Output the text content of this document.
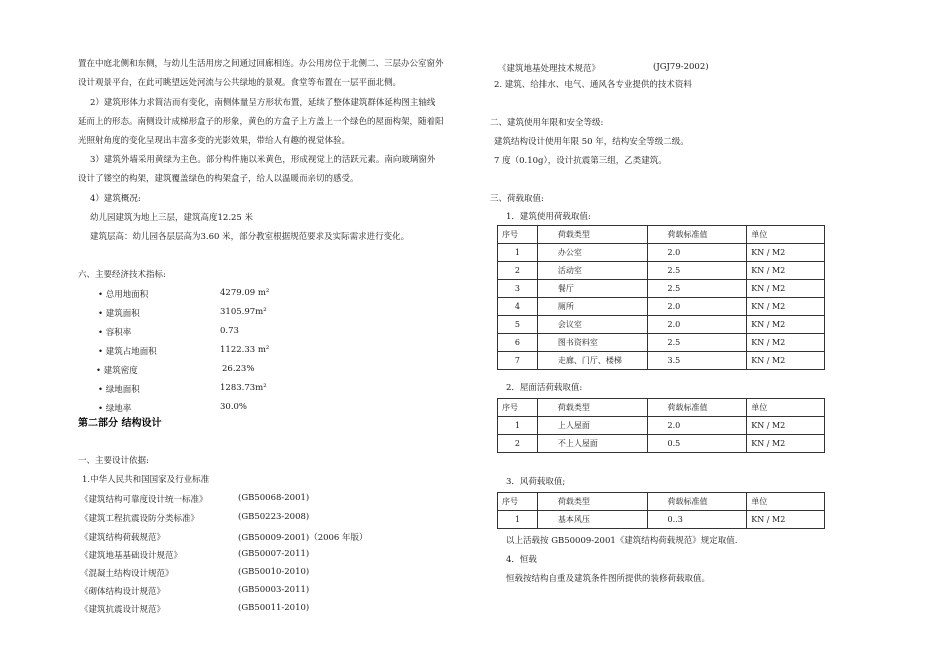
置在中庭北侧和东侧，与幼儿生活用房之间通过回廊相连。办公用房位于北侧二、三层办公室窗外
设计观景平台，在此可眺望远处河流与公共绿地的景观。食堂等布置在一层平面北侧。
2）建筑形体力求简洁而有变化，南侧体量呈方形状布置，延续了整体建筑群体延构图主轴线
延而上的形态。南侧设计成梯形盒子的形象，黄色的方盒子上方盖上一个绿色的屋面构架，随着阳
光照射角度的变化呈现出丰富多变的光影效果，带给人有趣的视觉体验。
3）建筑外墙采用黄绿为主色。部分构件施以米黄色，形成视觉上的活跃元素。南向玻璃窗外
设计了镂空的构架，建筑覆盖绿色的构架盒子，给人以温暖而亲切的感受。
4）建筑概况:
幼儿园建筑为地上三层，建筑高度12.25 米
建筑层高：幼儿园各层层高为3.60 米，部分教室根据规范要求及实际需求进行变化。
六、主要经济技术指标:
• 总用地面积	4279.09 m²
• 建筑面积	3105.97m²
• 容积率	0.73
• 建筑占地面积	1122.33 m²
• 建筑密度	26.23%
• 绿地面积	1283.73m²
• 绿地率	30.0%
第二部分 结构设计
一、主要设计依据:
1.中华人民共和国国家及行业标准
《建筑结构可靠度设计统一标准》	(GB50068-2001)
《建筑工程抗震设防分类标准》	(GB50223-2008)
《建筑结构荷载规范》	(GB50009-2001)（2006 年版）
《建筑地基基础设计规范》	(GB50007-2011)
《混凝土结构设计规范》	(GB50010-2010)
《砌体结构设计规范》	(GB50003-2011)
《建筑抗震设计规范》	(GB50011-2010)
《建筑地基处理技术规范》	(JGJ79-2002)
2. 建筑、给排水、电气、通风各专业提供的技术资料
二、建筑使用年限和安全等级:
建筑结构设计使用年限 50 年，结构安全等级二级。
7 度（0.10g），设计抗震第三组，乙类建筑。
三、荷载取值:
1．建筑使用荷载取值:
序号	荷载类型	荷载标准值	单位
1	办公室	2.0	KN / M2
2	活动室	2.5	KN / M2
3	餐厅	2.5	KN / M2
4	厕所	2.0	KN / M2
5	会议室	2.0	KN / M2
6	图书资料室	2.5	KN / M2
7	走廊、门厅、楼梯	3.5	KN / M2
2．屋面活荷载取值:
序号	荷载类型	荷载标准值	单位
1	上人屋面	2.0	KN / M2
2	不上人屋面	0.5	KN / M2
3．风荷载取值;
序号	荷载类型	荷载标准值	单位
1	基本风压	0..3	KN / M2
以上活载按 GB50009-2001《建筑结构荷载规范》规定取值.
4．恒载
恒载按结构自重及建筑条件图所提供的装修荷载取值。
